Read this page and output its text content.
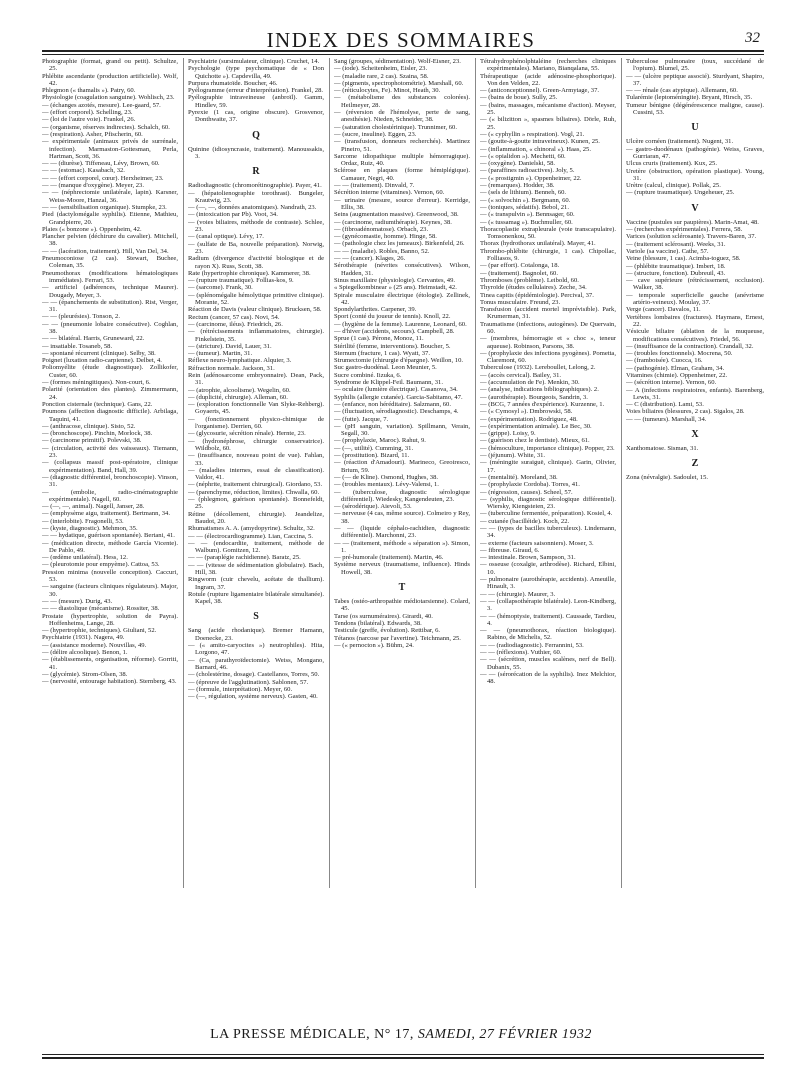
INDEX DES SOMMAIRES	32

Photographie (format, grand ou petit). Schultze, 25.

Phlébite ascendante (production artificielle). Wolf, 42.

Phlegmon (« thamalis »). Patry, 60.

Physiologie (coagulation sanguine). Wohlisch, 23.

— (échanges azotés, mesure). Lee-gaard, 57.

— (effort corporel). Schelling, 23.

— (loi de l'autre voie). Frankel, 26.

— (organisme, réserves indirectes). Schalch, 60.

— (respiration). Asher, Pfischerin, 60.

— expérimentale (animaux privés de surrénale, infection). Marmaston-Gottesman, Perla, Hartman, Scott, 36.

— — (diurèse). Tiffeneau, Lévy, Brown, 60.

— — (estomac). Kasabach, 32.

— — (effort corporel, cœur). Herxheimer, 23.

— — (manque d'oxygène). Meyer, 23.

— — (néphrectomie unilatérale, lapin). Karsner, Weiss-Moore, Hanzal, 36.

— — (sensibilisation organique). Stumpke, 23.

Pied (dactylomégalie syphilis). Etienne, Mathieu, Grandpierre, 20.

Plaies (« bonzone »). Oppenheim, 42.

Plancher pelvien (déchirure du cavalier). Mitchell, 38.

— — (lacération, traitement). Hill, Van Del, 34.

Pneumoconiose (2 cas). Stewart, Buchee, Coleman, 35.

Pneumothorax (modifications hématologiques immédiates). Ferrari, 53.

— artificiel (adhérences, technique Maurer). Dougady, Meyer, 3.

— — (épanchements de substitution). Rist, Verger, 31.

— — (pleurésies). Tonson, 2.

— — (pneumonie lobaire consécutive). Coghlan, 38.

— — bilatéral. Harris, Gruneward, 22.

— insatiable. Tosaneb, 58.

— spontané récurrent (clinique). Selby, 38.

Poignet (luxation radio-carpienne). Delbet, 4.

Poliomyélite (étude diagnostique). Zollikofer, Custer, 60.

— (formes méningitiques). Non-court, 6.

Polarité (orientation des plantes). Zimmermann, 24.

Ponction cisternale (technique). Gans, 22.

Poumons (affection diagnostic difficile). Arbilaga, Taquini, 41.

— (anthracose, clinique). Sisto, 52.

— (bronchoscope). Pinchin, Morlock, 38.

— (carcinome primitif). Polevski, 38.

— (circulation, activité des vaisseaux). Tiemann, 23.

— (collapsus massif post-opératoire, clinique expérimentation). Band, Hall, 39.

— (diagnostic différentiel, bronchoscopie). Vinson, 31.

— (embolie, radio-cinématographie expérimentale). Nagell, 60.

— (—, —, animal). Nagell, Janser, 28.

— (emphysème aigu, traitement). Bertmann, 34.

— (interlobite). Fragonelli, 53.

— (kyste, diagnostic). Mehmon, 35.

— — hydatique, guérison spontanée). Bertani, 41.

— (médication directe, méthode García Vicente). De Pablo, 49.

— (œdème unilatéral). Hess, 12.

— (pleurotomie pour empyème). Cattoa, 53.

Pression minima (nouvelle conception). Caccuri, 53.

— sanguine (facteurs cliniques régulateurs). Major, 30.

— — (mesure). Durig, 43.

— — diastolique (mécanisme). Rossiter, 38.

Prostate (hypertrophie, solution de Payra). Hoffenheims, Lange, 28.

— (hypertrophie, techniques). Giuliani, 52.

Psychiatrie (1931). Nagera, 49.

— (assistance moderne). Nouvillas, 49.

— (délire alcoolique). Benon, 1.

— (établissements, organisation, réforme). Gorriti, 41.

— (glycémie). Strom-Olsen, 38.

— (nervosité, entourage habitation). Sternberg, 43.

Psychiatrie (sursimulateur, clinique). Cruchet, 14.

Psychologie (type psychomatique de « Don Quichotte »). Capdevilla, 49.

Purpura rhumatoïde. Boucher, 46.

Pyélogramme (erreur d'interprétation). Frankel, 28.

Pyélographie intraveineuse (anbroïl). Gamm, Hindlev, 59.

Pyrexie (1 cas, origine obscure). Grosvenor, Donthwaite, 37.

Q

Quinine (idiosyncrasie, traitement). Manoussakis, 3.

R

Radiodiagnostic (chromorétinographie). Payer, 41.

— (hépatolienographie torothrast). Bungeler, Krautwig, 23.

— (—, —, données anatomiques). Nandrath, 23.

— (intoxication par Pb). Voot, 34.

— (voies biliaires, méthode de contraste). Schlee, 23.

— (canal optique). Lévy, 17.

— (sulfate de Ba, nouvelle préparation). Norwig, 23.

Radium (divergence d'activité biologique et de rayon X). Russ, Scott, 38.

Rate (hypertrophie chronique). Kammerer, 38.

— (rupture traumatique). Follias-kos, 9.

— (sarcome). Frank, 30.

— (splénomégalie hémolytique primitive clinique). Morante, 52.

Réaction de Davis (valeur clinique). Brucksen, 58.

Rectum (cancer, 57 cas). Novi, 54.

— (carcinome, iléus). Friedrich, 26.

— (rétrécissements inflammatoires, chirurgie). Finkelstein, 35.

— (stricture). David, Lauer, 31.

— (tumeur). Martin, 31.

Réflexe neuro-lymphatique. Alquier, 3.

Réfraction normale. Jackson, 31.

Rein (adénosarcome embryonnaire). Dean, Pack, 31.

— (atrophie, alcoolisme). Wegelin, 60.

— (duplicité, chirurgie). Alleman, 60.

— (exploration fonctionnelle Van Slyke-Rehberg). Goyaerts, 45.

— (fonctionnement physico-chimique de l'organisme). Derrien, 60.

— (glycosurie, sécrétion rénale). Hernte, 23.

— (hydronéphrose, chirurgie conservatrice). Wildbolz, 60.

— (insuffisance, nouveau point de vue). Fahlan, 33.

— (maladies internes, essai de classification). Valdor, 41.

— (néphrite, traitement chirurgical). Giordano, 53.

— (parenchyme, réduction, limites). Chwalla, 60.

— (phlegmon, guérison spontanée). Bonnefeldt, 25.

Rétine (décollement, chirurgie). Jeandelize, Baudot, 20.

Rhumatismes A. A. (amydopyrine). Schultz, 32.

— — (électrocardiogramme). Lian, Caccina, 5.

— — (endocardite, traitement, méthode de Walbum). Gomitzen, 12.

— — (paraplégie rachidienne). Baratz, 25.

— — (vitesse de sédimentation globulaire). Bach, Hill, 38.

Ringworm (cuir chevelu, acétate de thallium). Ingram, 37.

Rotule (rupture ligamentaire bilatérale simultanée). Kapel, 38.

S

Sang (acide rhodanique). Bremer Hamann, Doenecke, 23.

— (« amito-caryocites ») neutrophiles). Hita, Lorgono, 47.

— (Ca, parathyroïdectomie). Weiss, Mongano, Barnard, 46.

— (cholestérine, dosage). Castellanos, Torres, 50.

— (épreuve de l'agglutination). Sablonen, 57.

— (formule, interprétation). Meyer, 60.

— (—, régulation, système nerveux). Gasten, 40.

Sang (groupes, sédimentation). Wolf-Eisner, 23.

— (iode). Scheitenheim, Eisler, 23.

— (maladie rare, 2 cas). Szaina, 58.

— (pigments, spectrophotométrie). Marshall, 60.

— (réticulocytes, Fe). Minot, Heath, 30.

— (métabolisme des substances colorées). Heilmeyer, 28.

— (réversion de l'hémolyse, perte de sang, anesthésie). Nieden, Schneider, 38.

— (saturation cholestérinique). Trunnimer, 60.

— (sucre, insuline). Eggen, 23.

— (transfusion, donneurs recherchés). Martinez Pineiro, 51.

Sarcome idiopathique multiple hémorragique). Ordaz, Ruiz, 40.

Sclérose en plaques (forme hémiplégique). Camauer, Negri, 40.

— — (traitement). Dinvald, 7.

Sécrétion interne (vitamines). Vernon, 60.

— urinaire (mesure, source d'erreur). Kerridge, Ellis, 38.

Seins (augmentation massive). Greenwood, 38.

— (carcinome, radiumthérapie). Keynes, 38.

— (fibroadénomatose). Orbach, 23.

— (gynécomastie, homme). Hinge, 58.

— (pathologie chez les jumeaux). Birkenfeld, 26.

— — (maladie). Robles, Banno, 52.

— — (cancer). Klages, 26.

Sérothérapie (névrites consécutives). Wilson, Hadden, 31.

Sinus maxillaire (physiologie). Cervantes, 49.

« Spiegelkombinear » (25 ans). Heimstadt, 42.

Spirale musculaire électrique (étologie). Zellinek, 42.

Spondylarthrites. Carpener, 39.

Sport (conté du joueur de tennis). Knoll, 22.

— (hygiène de la femme). Laurenne, Leonard, 60.

— d'hiver (accidents, secours). Campbell, 28.

Sprue (1 cas). Pérone, Monoz, 11.

Stérilité (femme, interventions). Boucher, 5.

Sternum (fracture, 1 cas). Wyatt, 37.

Strumectomie (chirurgie d'épargne). Weillon, 10.

Suc gastro-duodénal. Leon Meunier, 5.

Sucre combiné. Iizuka, 6.

Syndrome de Klippel-Feil. Baumann, 31.

— oculaire (lumière électrique). Casanova, 34.

Syphilis (allergie cutanée). Garcia-Sabitamo, 47.

— (enfance, non héréditaire). Salzmann, 60.

— (fluctuation, sérodiagnostic). Deschamps, 4.

— (futte). Jacque, 7.

— (pH sanguin, variation). Spillmann, Verain, Segall, 30.

— (prophylaxie, Maroc). Rahut, 9.

— (—, utilité). Cumming, 31.

— (prostitution). Bizard, 11.

— (réaction d'Amadouri). Marineco, Greoiresco, Brium, 59.

— (— de Kline). Osmond, Hughes, 38.

— (troubles mentaux). Lévy-Valensi, 1.

— (tuberculose, diagnostic sérologique différentiel). Wiedesky, Kangendeuten, 23.

— (sérodérique). Aievoli, 53.

— nerveuse (4 cas, même source). Colmeiro y Rey, 38.

— — (liquide céphalo-rachidien, diagnostic différentiel). Marchonni, 23.

— — (traitement, méthode « séparation »). Simon, 1.

— pré-humorale (traitement). Martin, 46.

Système nerveux (traumatisme, influence). Hinds Howell, 38.

T

Tabes (ostéo-arthropathie médiotarsienne). Colard, 45.

Tarse (os surnuméraires). Girardi, 40.

Tendons (bilatéral). Edwards, 38.

Testicule (greffe, évolution). Rettibar, 6.

Tétanos (narcose par l'avertine). Teichmann, 25.

— (« pernocton »). Bühm, 24.

Tétrahydrophénolphtaléine (recherches cliniques expérimentales). Mariano, Bianqalana, 55.

Thérapeutique (acide adénosine-phosphorique). Von den Velden, 22.

— (anticonceptionnel). Green-Armytage, 37.

— (bains de boue). Sully, 25.

— (bains, massages, mécanisme d'action). Meyser, 25.

— (« bilizitton », spasmes biliaires). Dörle, Ruh, 25.

— (« cyphyllin » respiration). Vogl, 21.

— (goutte-à-goutte intraveineux). Kunen, 25.

— (inflammation, « chinoral »). Haas, 25.

— (« opialidon »). Mechetti, 60.

— (oxygène). Danielski, 58.

— (paraffines radioactives). Joly, 5.

— (« prostigmin »). Oppenheimer, 22.

— (remarques). Hodder, 38.

— (sels de lithium). Benneh, 60.

— (« solvochin »). Bergmann, 60.

— (toniques, sédatifs). Bebol, 21.

— (« transpulvin »). Bennsager, 60.

— (« tussamag »). Buchmuller, 60.

Thoracoplastie extrapleurale (voie transcapulaire). Tomsonenkou, 50.

Thorax (hydrothorax unilatéral). Mayer, 41.

Thrombo-phlébite (chirurgie, 1 cas). Chipollac, Folliasos, 9.

— (par effort). Cotalonga, 18.

— (traitement). Bagnolet, 60.

Thromboses (problème). Leibold, 60.

Thyroïde (études cellulaires). Zeche, 34.

Tinea capitis (épidémiologie). Percival, 37.

Tonus musculaire. Freund, 23.

Transfusion (accident mortel imprévisible). Park, Krumerman, 31.

Traumatisme (infections, autogènes). De Quervain, 60.

— (membres, hémorragie et « choc », teneur aqueuse). Robinson, Parsons, 38.

— (prophylaxie des infections pyogènes). Pometta, Claremont, 60.

Tuberculose (1932). Lereboullet, Lelong, 2.

— (accès cervical). Bailey, 31.

— (accumulation de Fe). Menkin, 30.

— (analyse, indications bibliographiques). 2.

— (aurothérapie). Bourgeois, Sandrin, 3.

— (BCG, 7 années d'expérience). Kurzenne, 1.

— (« Cymosyl »). Dmbrowski, 58.

— (expérimentation). Rodriguez, 48.

— (expérimentation animale). Le Bec, 30.

— (grippe). Loisy, 9.

— (guérison chez le dentiste). Mieux, 61.

— (hémoculture, importance clinique). Popper, 23.

— (jéjunum). White, 31.

— (méningite suraiguë, clinique). Garin, Olivier, 17.

— (mentalité). Moreland, 38.

— (prophylaxie Cordoba). Torres, 41.

— (régression, causes). Scheel, 57.

— (syphilis, diagnostic sérologique différentiel). Wiersky, Kiengsteien, 23.

— (tuberculine fermentée, préparation). Kosiel, 4.

— cutanée (bacilléide). Koch, 22.

— — (types de bacilles tuberculeux). Lindemann, 34.

— externe (facteurs saisonniers). Moser, 3.

— fibreuse. Giraud, 6.

— intestinale. Brown, Sampson, 31.

— osseuse (coxalgie, arthrodèse). Richard, Elbini, 10.

— pulmonaire (aurothérapie, accidents). Ameuille, Hinault, 3.

— — (chirurgie). Maurer, 3.

— — (collapsothérapie bilatérale). Leon-Kindberg, 3.

— — (hémoptysie, traitement). Caussade, Tardieu, 4.

— — (pneumothorax, réaction biologique). Rabino, de Michelis, 52.

— — (radiodiagnostic). Ferrannini, 53.

— — (réflexions). Vuthier, 60.

— — (sécrétion, muscles scalènes, nerf de Bell). Dubanix, 55.

— — (sérorécation de la syphilis). Inez Melchior, 48.

Tuberculose pulmonaire (toux, succédané de l'opium). Blumel, 25.

— — (ulcère peptique associé). Sturdyant, Shapiro, 37.

— — rénale (cas atypique). Allemann, 60.

Tularémie (leptoméningite). Bryant, Hirsch, 35.

Tumeur bénigne (dégénérescence maligne, cause). Cussini, 53.

U

Ulcère cornéen (traitement). Nugent, 31.

— gastro-duodénaux (pathogénie). Weiss, Graves, Gurriaran, 47.

Ulcus cruris (traitement). Kux, 25.

Uretère (obstruction, opération plastique). Young, 31.

Urètre (calcul, clinique). Pollak, 25.

— (rupture traumatique). Ungeheuer, 25.

V

Vaccine (pustules sur paupières). Marin-Amat, 48.

— (recherches expérimentales). Ferrera, 58.

Varices (solution sclérosante). Travers-Baren, 37.

— (traitement sclérosant). Weeks, 31.

Variole (sa vaccine). Cathe, 57.

Veine (blessure, 1 cas). Acimba-toguez, 58.

— (phlébite traumatique). Imbert, 18.

— (structure, fonction). Dubreuil, 43.

— cave supérieure (rétrécissement, occlusion). Walker, 38.

— temporale superficielle gauche (anévrisme artério-veineux). Moulay, 37.

Verge (cancer). Davalos, 11.

Vertèbres lombaires (fractures). Haymans, Ernest, 22.

Vésicule biliaire (ablation de la muqueuse, modifications consécutives). Friedel, 56.

— (insuffisance de la contraction). Crandall, 32.

— (troubles fonctionnels). Mocrena, 50.

— (framboisée). Cuocca, 16.

— (pathogénie). Elman, Graham, 34.

Vitamines (chimie). Oppenheimer, 22.

— (sécrétion interne). Vernon, 60.

— A (infections respiratoires, enfants). Barenberg, Lewis, 31.

— C (distribution). Lami, 53.

Voies biliaires (blessures, 2 cas). Sigalos, 28.

— — (tumeurs). Marshall, 34.

X

Xanthomatose. Sisman, 31.

Z

Zona (névralgie). Sadoulet, 15.

LA PRESSE MÉDICALE, N° 17, SAMEDI, 27 FÉVRIER 1932
